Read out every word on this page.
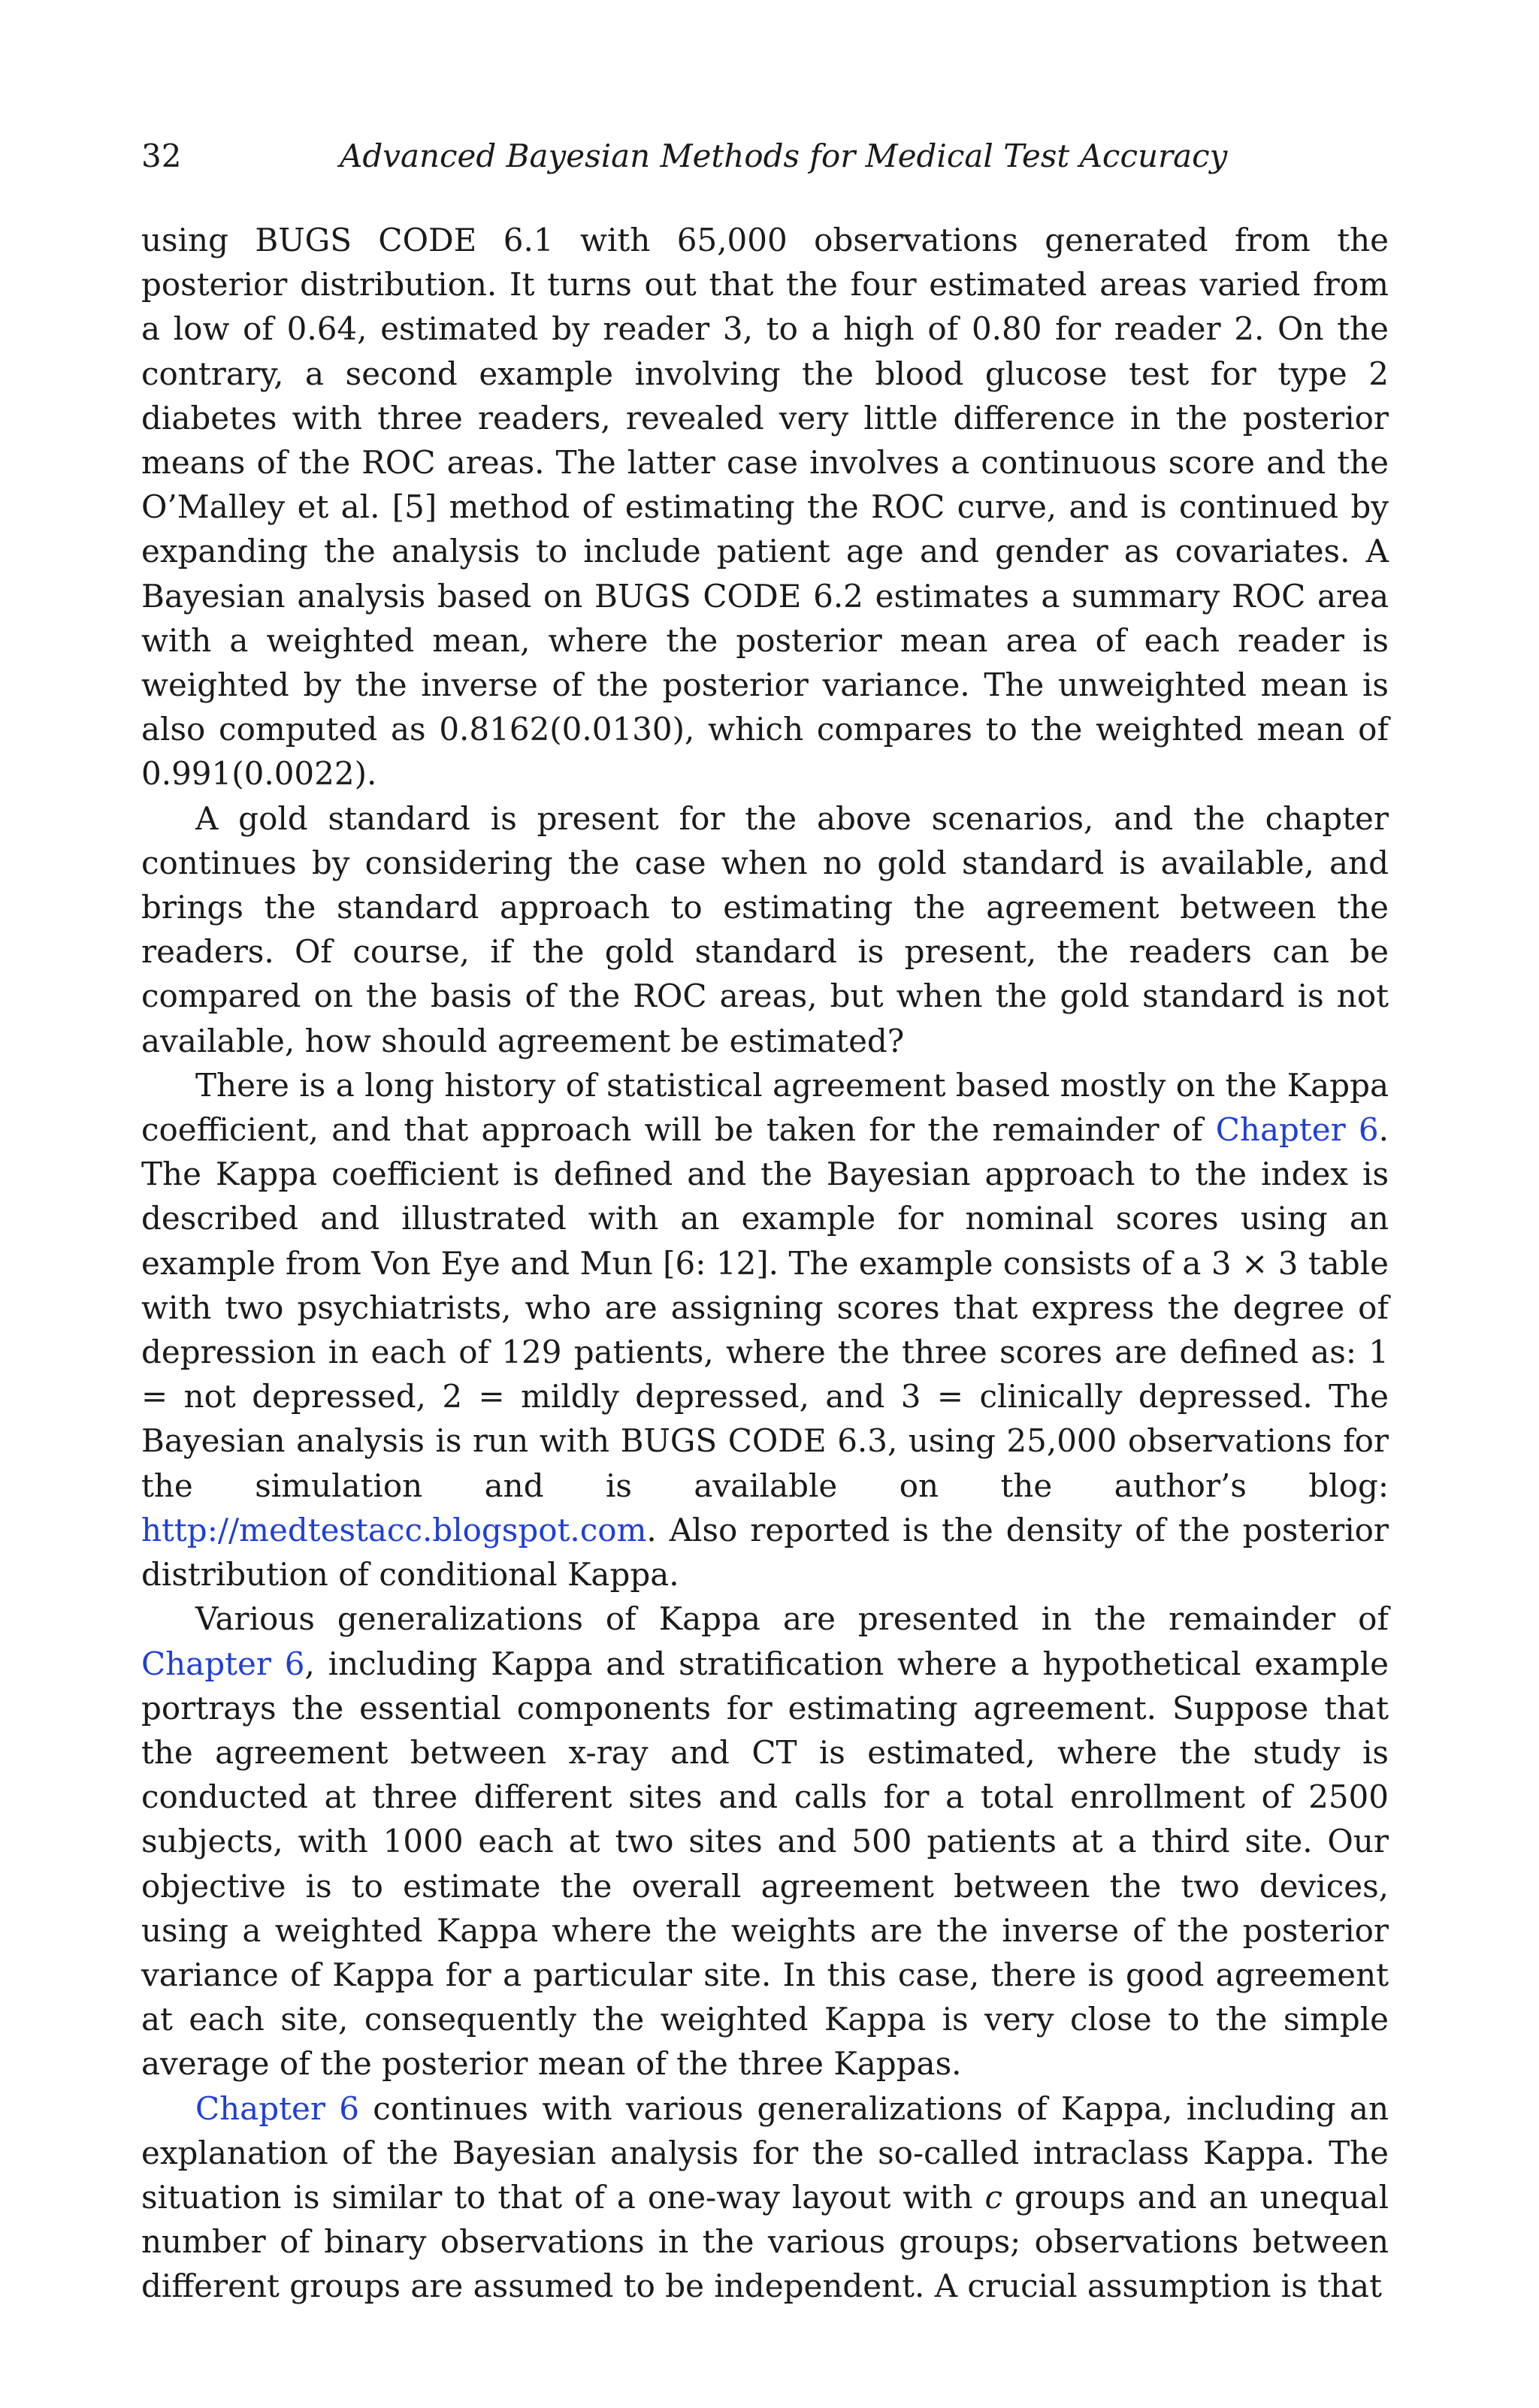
32	Advanced Bayesian Methods for Medical Test Accuracy

using BUGS CODE 6.1 with 65,000 observations generated from the posterior distribution. It turns out that the four estimated areas varied from a low of 0.64, estimated by reader 3, to a high of 0.80 for reader 2. On the contrary, a second example involving the blood glucose test for type 2 diabetes with three readers, revealed very little difference in the posterior means of the ROC areas. The latter case involves a continuous score and the O’Malley et al. [5] method of estimating the ROC curve, and is continued by expanding the analysis to include patient age and gender as covariates. A Bayesian analysis based on BUGS CODE 6.2 estimates a summary ROC area with a weighted mean, where the posterior mean area of each reader is weighted by the inverse of the posterior variance. The unweighted mean is also computed as 0.8162(0.0130), which compares to the weighted mean of 0.991(0.0022).

A gold standard is present for the above scenarios, and the chapter continues by considering the case when no gold standard is available, and brings the standard approach to estimating the agreement between the readers. Of course, if the gold standard is present, the readers can be compared on the basis of the ROC areas, but when the gold standard is not available, how should agreement be estimated?

There is a long history of statistical agreement based mostly on the Kappa coefficient, and that approach will be taken for the remainder of Chapter 6. The Kappa coefficient is defined and the Bayesian approach to the index is described and illustrated with an example for nominal scores using an example from Von Eye and Mun [6: 12]. The example consists of a 3 × 3 table with two psychiatrists, who are assigning scores that express the degree of depression in each of 129 patients, where the three scores are defined as: 1 = not depressed, 2 = mildly depressed, and 3 = clinically depressed. The Bayesian analysis is run with BUGS CODE 6.3, using 25,000 observations for the simulation and is available on the author’s blog: http://medtestacc.blogspot.com. Also reported is the density of the posterior distribution of conditional Kappa.

Various generalizations of Kappa are presented in the remainder of Chapter 6, including Kappa and stratification where a hypothetical example portrays the essential components for estimating agreement. Suppose that the agreement between x-ray and CT is estimated, where the study is conducted at three different sites and calls for a total enrollment of 2500 subjects, with 1000 each at two sites and 500 patients at a third site. Our objective is to estimate the overall agreement between the two devices, using a weighted Kappa where the weights are the inverse of the posterior variance of Kappa for a particular site. In this case, there is good agreement at each site, consequently the weighted Kappa is very close to the simple average of the posterior mean of the three Kappas.

Chapter 6 continues with various generalizations of Kappa, including an explanation of the Bayesian analysis for the so-called intraclass Kappa. The situation is similar to that of a one-way layout with c groups and an unequal number of binary observations in the various groups; observations between different groups are assumed to be independent. A crucial assumption is that
